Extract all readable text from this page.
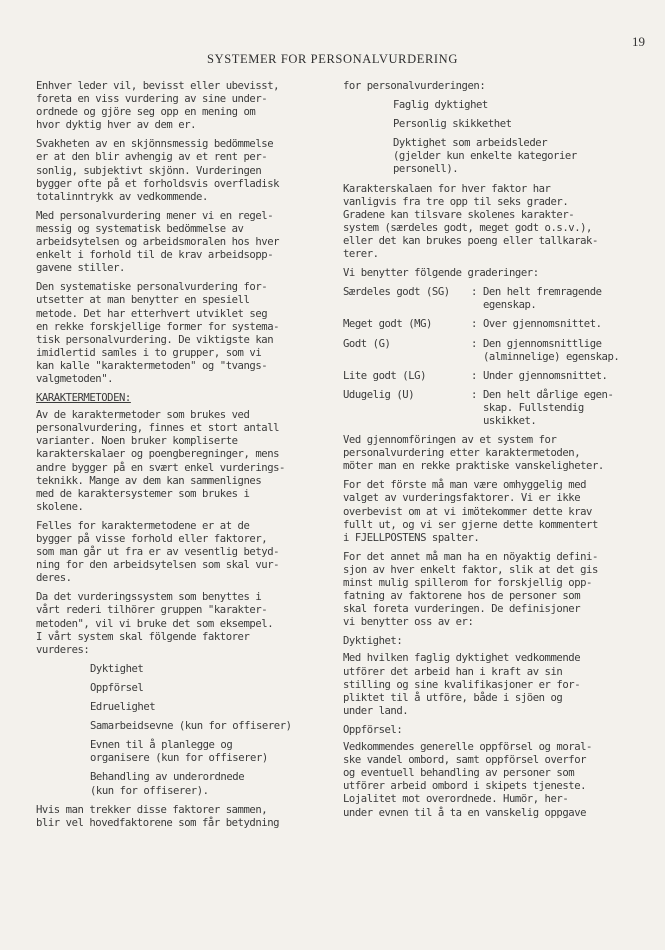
19
SYSTEMER FOR PERSONALVURDERING

Enhver leder vil, bevisst eller ubevisst,
foreta en viss vurdering av sine under-
ordnede og gjöre seg opp en mening om
hvor dyktig hver av dem er.

Svakheten av en skjönnsmessig bedömmelse
er at den blir avhengig av et rent per-
sonlig, subjektivt skjönn. Vurderingen
bygger ofte på et forholdsvis overfladisk
totalinntrykk av vedkommende.

Med personalvurdering mener vi en regel-
messig og systematisk bedömmelse av
arbeidsytelsen og arbeidsmoralen hos hver
enkelt i forhold til de krav arbeidsopp-
gavene stiller.

Den systematiske personalvurdering for-
utsetter at man benytter en spesiell
metode. Det har etterhvert utviklet seg
en rekke forskjellige former for systema-
tisk personalvurdering. De viktigste kan
imidlertid samles i to grupper, som vi
kan kalle "karaktermetoden" og "tvangs-
valgmetoden".

KARAKTERMETODEN:

Av de karaktermetoder som brukes ved
personalvurdering, finnes et stort antall
varianter. Noen bruker kompliserte
karakterskalaer og poengberegninger, mens
andre bygger på en svært enkel vurderings-
teknikk. Mange av dem kan sammenlignes
med de karaktersystemer som brukes i
skolene.

Felles for karaktermetodene er at de
bygger på visse forhold eller faktorer,
som man går ut fra er av vesentlig betyd-
ning for den arbeidsytelsen som skal vur-
deres.

Da det vurderingssystem som benyttes i
vårt rederi tilhörer gruppen "karakter-
metoden", vil vi bruke det som eksempel.
I vårt system skal fölgende faktorer
vurderes:

Dyktighet
Oppförsel
Edruelighet
Samarbeidsevne (kun for offiserer)
Evnen til å planlegge og
organisere (kun for offiserer)
Behandling av underordnede
(kun for offiserer).

Hvis man trekker disse faktorer sammen,
blir vel hovedfaktorene som får betydning

for personalvurderingen:

Faglig dyktighet
Personlig skikkethet
Dyktighet som arbeidsleder
(gjelder kun enkelte kategorier
personell).

Karakterskalaen for hver faktor har
vanligvis fra tre opp til seks grader.
Gradene kan tilsvare skolenes karakter-
system (særdeles godt, meget godt o.s.v.),
eller det kan brukes poeng eller tallkarak-
terer.

Vi benytter fölgende graderinger:

Særdeles godt (SG)	: Den helt fremragende
egenskap.
Meget godt (MG)	: Over gjennomsnittet.
Godt (G)	: Den gjennomsnittlige
(alminnelige) egenskap.
Lite godt (LG)	: Under gjennomsnittet.
Udugelig (U)	: Den helt dårlige egen-
skap. Fullstendig
uskikket.

Ved gjennomföringen av et system for
personalvurdering etter karaktermetoden,
möter man en rekke praktiske vanskeligheter.

For det förste må man være omhyggelig med
valget av vurderingsfaktorer. Vi er ikke
overbevist om at vi imötekommer dette krav
fullt ut, og vi ser gjerne dette kommentert
i FJELLPOSTENS spalter.

For det annet må man ha en nöyaktig defini-
sjon av hver enkelt faktor, slik at det gis
minst mulig spillerom for forskjellig opp-
fatning av faktorene hos de personer som
skal foreta vurderingen. De definisjoner
vi benytter oss av er:

Dyktighet:

Med hvilken faglig dyktighet vedkommende
utförer det arbeid han i kraft av sin
stilling og sine kvalifikasjoner er for-
pliktet til å utföre, både i sjöen og
under land.

Oppförsel:

Vedkommendes generelle oppförsel og moral-
ske vandel ombord, samt oppförsel overfor
og eventuell behandling av personer som
utförer arbeid ombord i skipets tjeneste.
Lojalitet mot overordnede. Humör, her-
under evnen til å ta en vanskelig oppgave
